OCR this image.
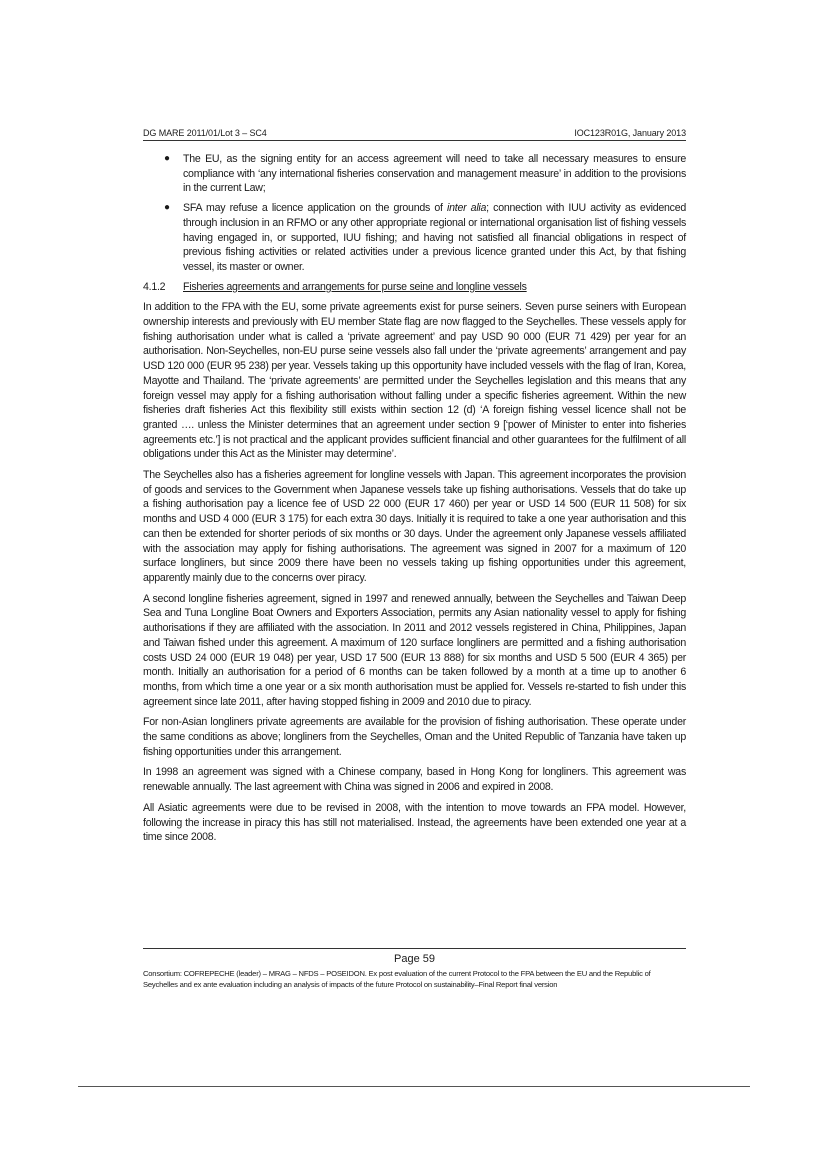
DG MARE 2011/01/Lot 3 – SC4	IOC123R01G, January 2013
● The EU, as the signing entity for an access agreement will need to take all necessary measures to ensure compliance with ‘any international fisheries conservation and management measure’ in addition to the provisions in the current Law;
● SFA may refuse a licence application on the grounds of inter alia; connection with IUU activity as evidenced through inclusion in an RFMO or any other appropriate regional or international organisation list of fishing vessels having engaged in, or supported, IUU fishing; and having not satisfied all financial obligations in respect of previous fishing activities or related activities under a previous licence granted under this Act, by that fishing vessel, its master or owner.
4.1.2	Fisheries agreements and arrangements for purse seine and longline vessels

In addition to the FPA with the EU, some private agreements exist for purse seiners. Seven purse seiners with European ownership interests and previously with EU member State flag are now flagged to the Seychelles. These vessels apply for fishing authorisation under what is called a ‘private agreement’ and pay USD 90 000 (EUR 71 429) per year for an authorisation. Non-Seychelles, non-EU purse seine vessels also fall under the ‘private agreements’ arrangement and pay USD 120 000 (EUR 95 238) per year. Vessels taking up this opportunity have included vessels with the flag of Iran, Korea, Mayotte and Thailand. The ‘private agreements’ are permitted under the Seychelles legislation and this means that any foreign vessel may apply for a fishing authorisation without falling under a specific fisheries agreement. Within the new fisheries draft fisheries Act this flexibility still exists within section 12 (d) ‘A foreign fishing vessel licence shall not be granted …. unless the Minister determines that an agreement under section 9 [‘power of Minister to enter into fisheries agreements etc.’] is not practical and the applicant provides sufficient financial and other guarantees for the fulfilment of all obligations under this Act as the Minister may determine’.

The Seychelles also has a fisheries agreement for longline vessels with Japan. This agreement incorporates the provision of goods and services to the Government when Japanese vessels take up fishing authorisations. Vessels that do take up a fishing authorisation pay a licence fee of USD 22 000 (EUR 17 460) per year or USD 14 500 (EUR 11 508) for six months and USD 4 000 (EUR 3 175) for each extra 30 days. Initially it is required to take a one year authorisation and this can then be extended for shorter periods of six months or 30 days. Under the agreement only Japanese vessels affiliated with the association may apply for fishing authorisations. The agreement was signed in 2007 for a maximum of 120 surface longliners, but since 2009 there have been no vessels taking up fishing opportunities under this agreement, apparently mainly due to the concerns over piracy.

A second longline fisheries agreement, signed in 1997 and renewed annually, between the Seychelles and Taiwan Deep Sea and Tuna Longline Boat Owners and Exporters Association, permits any Asian nationality vessel to apply for fishing authorisations if they are affiliated with the association. In 2011 and 2012 vessels registered in China, Philippines, Japan and Taiwan fished under this agreement. A maximum of 120 surface longliners are permitted and a fishing authorisation costs USD 24 000 (EUR 19 048) per year, USD 17 500 (EUR 13 888) for six months and USD 5 500 (EUR 4 365) per month. Initially an authorisation for a period of 6 months can be taken followed by a month at a time up to another 6 months, from which time a one year or a six month authorisation must be applied for. Vessels re-started to fish under this agreement since late 2011, after having stopped fishing in 2009 and 2010 due to piracy.

For non-Asian longliners private agreements are available for the provision of fishing authorisation. These operate under the same conditions as above; longliners from the Seychelles, Oman and the United Republic of Tanzania have taken up fishing opportunities under this arrangement.

In 1998 an agreement was signed with a Chinese company, based in Hong Kong for longliners. This agreement was renewable annually. The last agreement with China was signed in 2006 and expired in 2008.

All Asiatic agreements were due to be revised in 2008, with the intention to move towards an FPA model. However, following the increase in piracy this has still not materialised. Instead, the agreements have been extended one year at a time since 2008.

Page 59
Consortium: COFREPECHE (leader) – MRAG – NFDS – POSEIDON. Ex post evaluation of the current Protocol to the FPA between the EU and the Republic of Seychelles and ex ante evaluation including an analysis of impacts of the future Protocol on sustainability–Final Report final version
